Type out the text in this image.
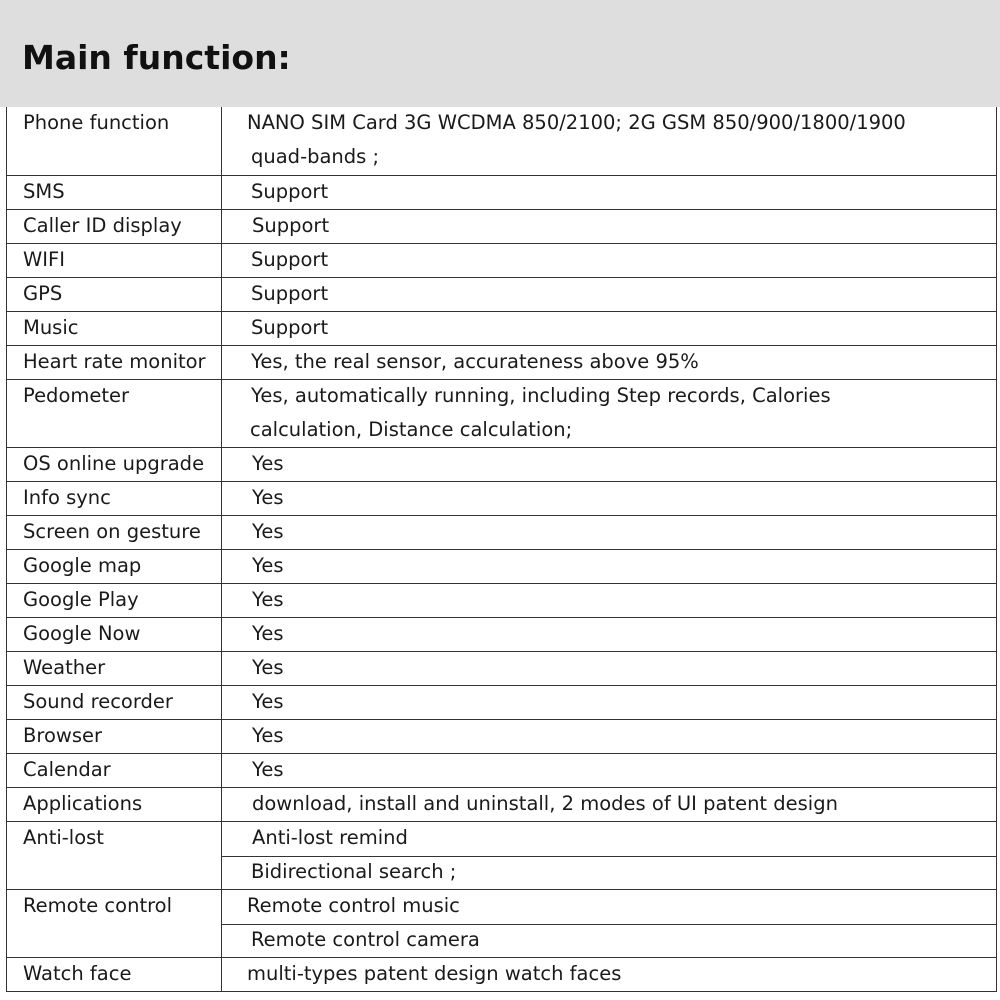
Main function:
Phone function	NANO SIM Card 3G WCDMA 850/2100; 2G GSM 850/900/1800/1900
quad-bands ;
SMS	Support
Caller ID display	Support
WIFI	Support
GPS	Support
Music	Support
Heart rate monitor Yes, the real sensor, accurateness above 95%
Pedometer	Yes, automatically running, including Step records, Calories
calculation, Distance calculation;
OS online upgrade Yes
Info sync	Yes
Screen on gesture	Yes
Google map	Yes
Google Play	Yes
Google Now	Yes
Weather	Yes
Sound recorder	Yes
Browser	Yes
Calendar	Yes
Applications	download, install and uninstall, 2 modes of UI patent design
Anti-lost	Anti-lost remind
Bidirectional search ;
Remote control	Remote control music
Remote control camera
Watch face	multi-types patent design watch faces
